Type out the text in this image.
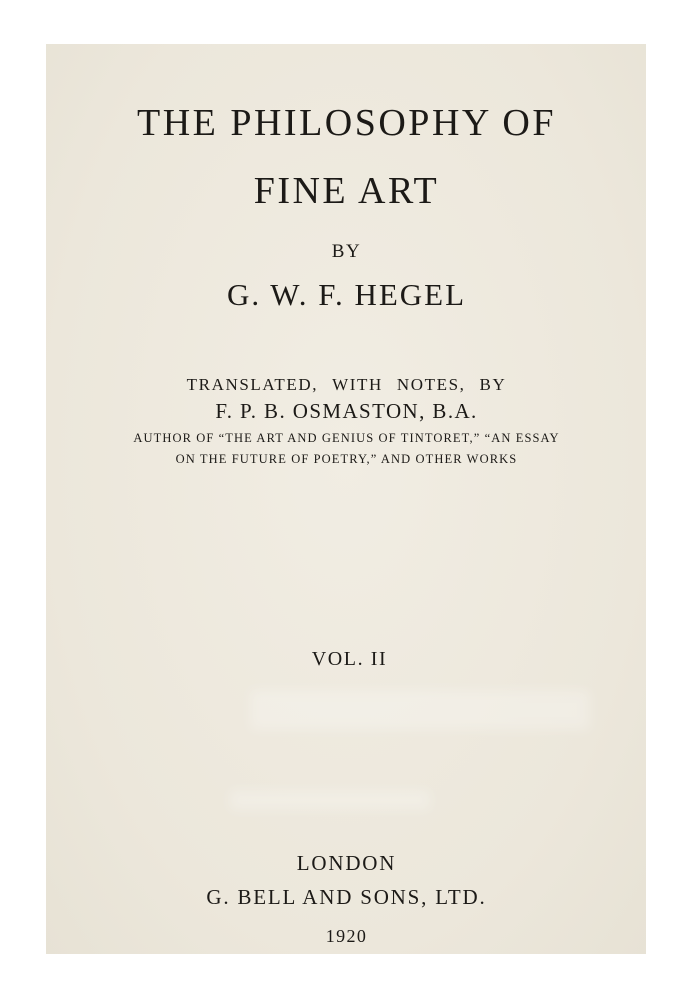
THE PHILOSOPHY OF

FINE ART

BY

G. W. F. HEGEL

TRANSLATED, WITH NOTES, BY

F. P. B. OSMASTON, B.A.

AUTHOR OF “THE ART AND GENIUS OF TINTORET,” “AN ESSAY

ON THE FUTURE OF POETRY,” AND OTHER WORKS

VOL. II

LONDON

G. BELL AND SONS, LTD.

1920
